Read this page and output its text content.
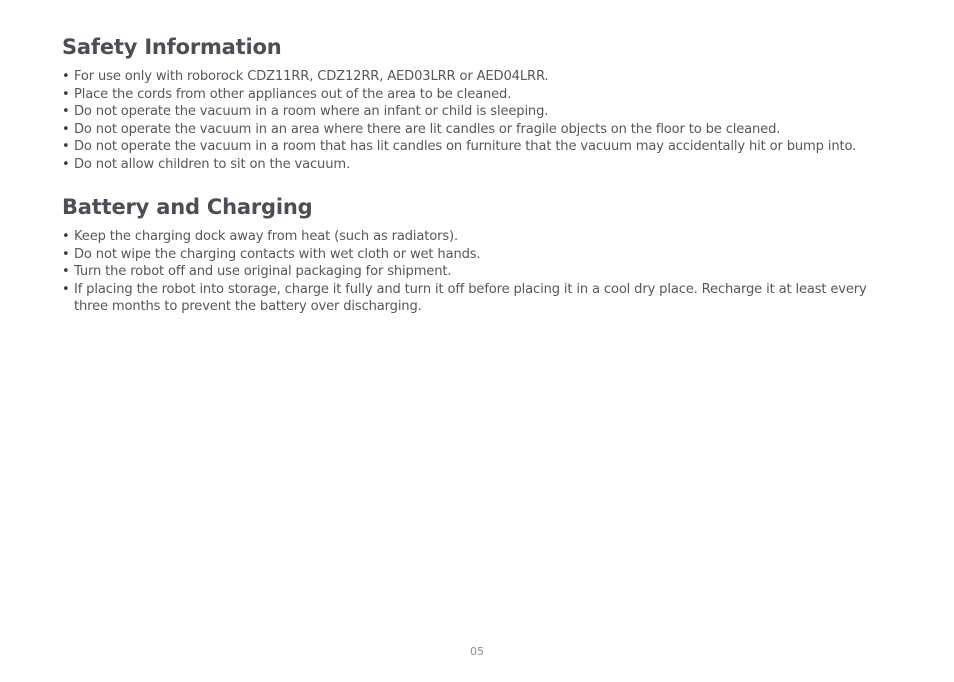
Safety Information
• For use only with roborock CDZ11RR, CDZ12RR, AED03LRR or AED04LRR.
• Place the cords from other appliances out of the area to be cleaned.
• Do not operate the vacuum in a room where an infant or child is sleeping.
• Do not operate the vacuum in an area where there are lit candles or fragile objects on the floor to be cleaned.
• Do not operate the vacuum in a room that has lit candles on furniture that the vacuum may accidentally hit or bump into.
• Do not allow children to sit on the vacuum.
Battery and Charging
• Keep the charging dock away from heat (such as radiators).
• Do not wipe the charging contacts with wet cloth or wet hands.
• Turn the robot off and use original packaging for shipment.
• If placing the robot into storage, charge it fully and turn it off before placing it in a cool dry place. Recharge it at least every three months to prevent the battery over discharging.
05
